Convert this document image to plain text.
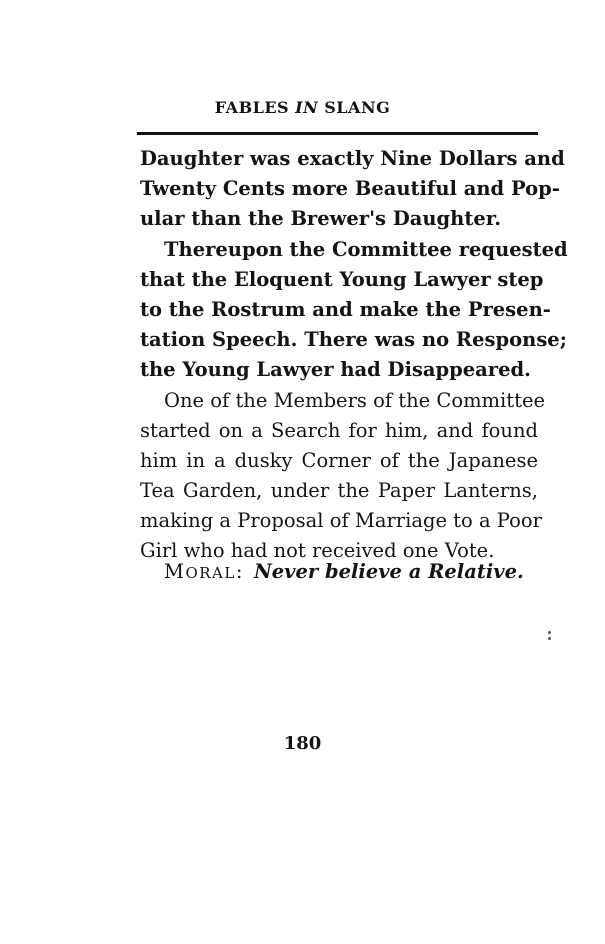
FABLES IN SLANG
Daughter was exactly Nine Dollars and
Twenty Cents more Beautiful and Pop-
ular than the Brewer's Daughter.
Thereupon the Committee requested
that the Eloquent Young Lawyer step
to the Rostrum and make the Presen-
tation Speech. There was no Response;
the Young Lawyer had Disappeared.
One of the Members of the Committee
started on a Search for him, and found
him in a dusky Corner of the Japanese
Tea Garden, under the Paper Lanterns,
making a Proposal of Marriage to a Poor
Girl who had not received one Vote.
MORAL: Never believe a Relative.
180
